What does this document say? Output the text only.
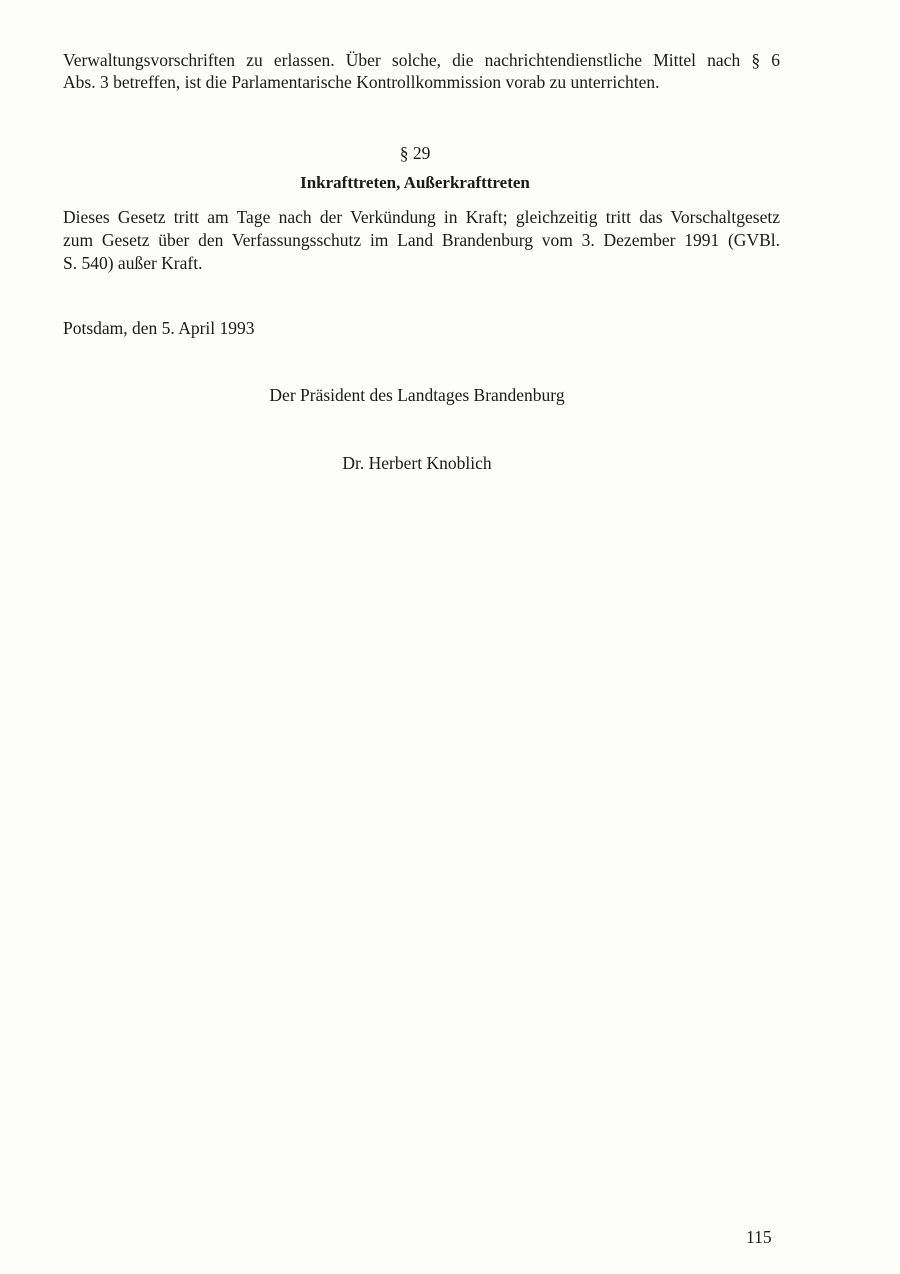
Verwaltungsvorschriften zu erlassen. Über solche, die nachrichtendienstliche Mittel nach § 6
Abs. 3 betreffen, ist die Parlamentarische Kontrollkommission vorab zu unterrichten.
§ 29
Inkrafttreten, Außerkrafttreten
Dieses Gesetz tritt am Tage nach der Verkündung in Kraft; gleichzeitig tritt das Vorschaltgesetz
zum Gesetz über den Verfassungsschutz im Land Brandenburg vom 3. Dezember 1991 (GVBl.
S. 540) außer Kraft.
Potsdam, den 5. April 1993
Der Präsident des Landtages Brandenburg
Dr. Herbert Knoblich
115
